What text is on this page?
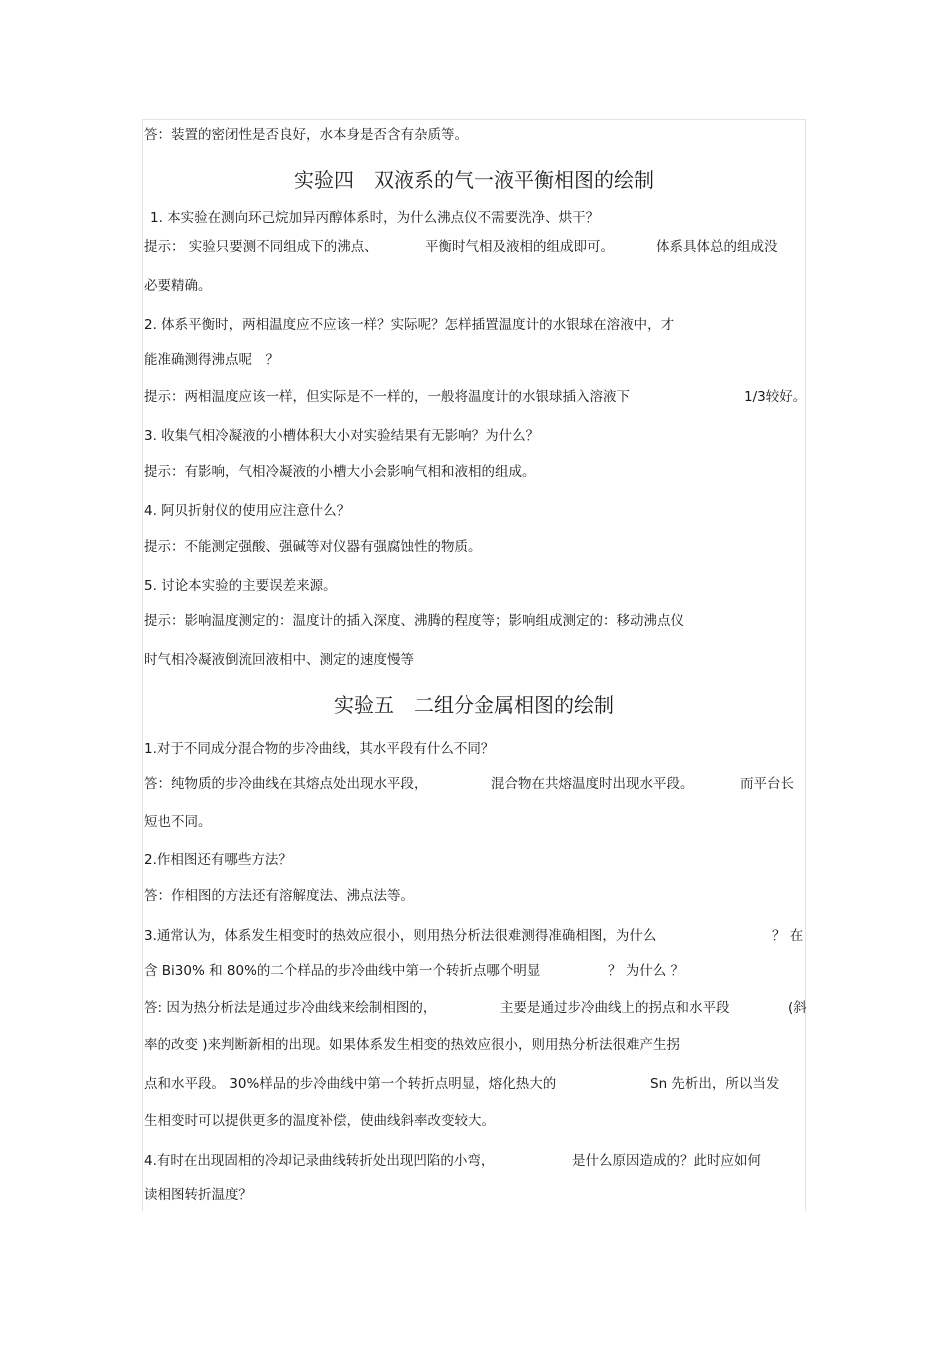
答：装置的密闭性是否良好，水本身是否含有杂质等。
实验四　双液系的气一液平衡相图的绘制
1. 本实验在测向环己烷加异丙醇体系时，为什么沸点仪不需要洗净、烘干？
提示： 实验只要测不同组成下的沸点、	平衡时气相及液相的组成即可。	体系具体总的组成没
必要精确。
2. 体系平衡时，两相温度应不应该一样？实际呢？怎样插置温度计的水银球在溶液中，才
能准确测得沸点呢　？
提示：两相温度应该一样，但实际是不一样的，一般将温度计的水银球插入溶液下	1/3较好。
3. 收集气相冷凝液的小槽体积大小对实验结果有无影响？为什么？
提示：有影响，气相冷凝液的小槽大小会影响气相和液相的组成。
4. 阿贝折射仪的使用应注意什么？
提示：不能测定强酸、强碱等对仪器有强腐蚀性的物质。
5. 讨论本实验的主要误差来源。
提示：影响温度测定的：温度计的插入深度、沸腾的程度等；影响组成测定的：移动沸点仪
时气相冷凝液倒流回液相中、测定的速度慢等
实验五　二组分金属相图的绘制
1.对于不同成分混合物的步冷曲线，其水平段有什么不同？
答：纯物质的步冷曲线在其熔点处出现水平段，	混合物在共熔温度时出现水平段。	而平台长
短也不同。
2.作相图还有哪些方法？
答：作相图的方法还有溶解度法、沸点法等。
3.通常认为，体系发生相变时的热效应很小，则用热分析法很难测得准确相图，为什么	？ 在
含 Bi30% 和 80%的二个样品的步冷曲线中第一个转折点哪个明显	？ 为什么 ？
答: 因为热分析法是通过步冷曲线来绘制相图的，	主要是通过步冷曲线上的拐点和水平段	(斜
率的改变 )来判断新相的出现。如果体系发生相变的热效应很小，则用热分析法很难产生拐
点和水平段。 30%样品的步冷曲线中第一个转折点明显，熔化热大的	Sn 先析出，所以当发
生相变时可以提供更多的温度补偿，使曲线斜率改变较大。
4.有时在出现固相的冷却记录曲线转折处出现凹陷的小弯，	是什么原因造成的？此时应如何
读相图转折温度？
